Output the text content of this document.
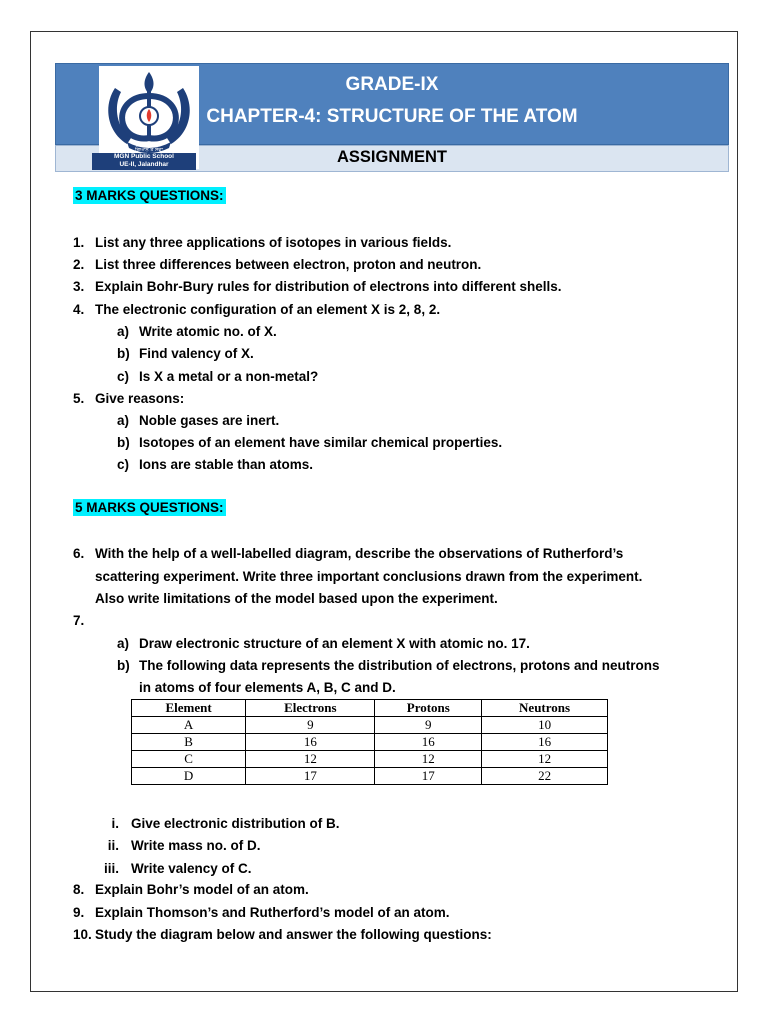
ਗਿਆਨ ਤੇ ਸੇਵਾ
MGN Public School
UE-II, Jalandhar
GRADE-IX
CHAPTER-4: STRUCTURE OF THE ATOM
ASSIGNMENT
3 MARKS QUESTIONS:
1. List any three applications of isotopes in various fields.
2. List three differences between electron, proton and neutron.
3. Explain Bohr-Bury rules for distribution of electrons into different shells.
4. The electronic configuration of an element X is 2, 8, 2.
a) Write atomic no. of X.
b) Find valency of X.
c) Is X a metal or a non-metal?
5. Give reasons:
a) Noble gases are inert.
b) Isotopes of an element have similar chemical properties.
c) Ions are stable than atoms.
5 MARKS QUESTIONS:
6. With the help of a well-labelled diagram, describe the observations of Rutherford’s
scattering experiment. Write three important conclusions drawn from the experiment.
Also write limitations of the model based upon the experiment.
7.
a) Draw electronic structure of an element X with atomic no. 17.
b) The following data represents the distribution of electrons, protons and neutrons
in atoms of four elements A, B, C and D.
Element	Electrons	Protons	Neutrons
A	9	9	10
B	16	16	16
C	12	12	12
D	17	17	22
i. Give electronic distribution of B.
ii. Write mass no. of D.
iii. Write valency of C.
8. Explain Bohr’s model of an atom.
9. Explain Thomson’s and Rutherford’s model of an atom.
10. Study the diagram below and answer the following questions:
